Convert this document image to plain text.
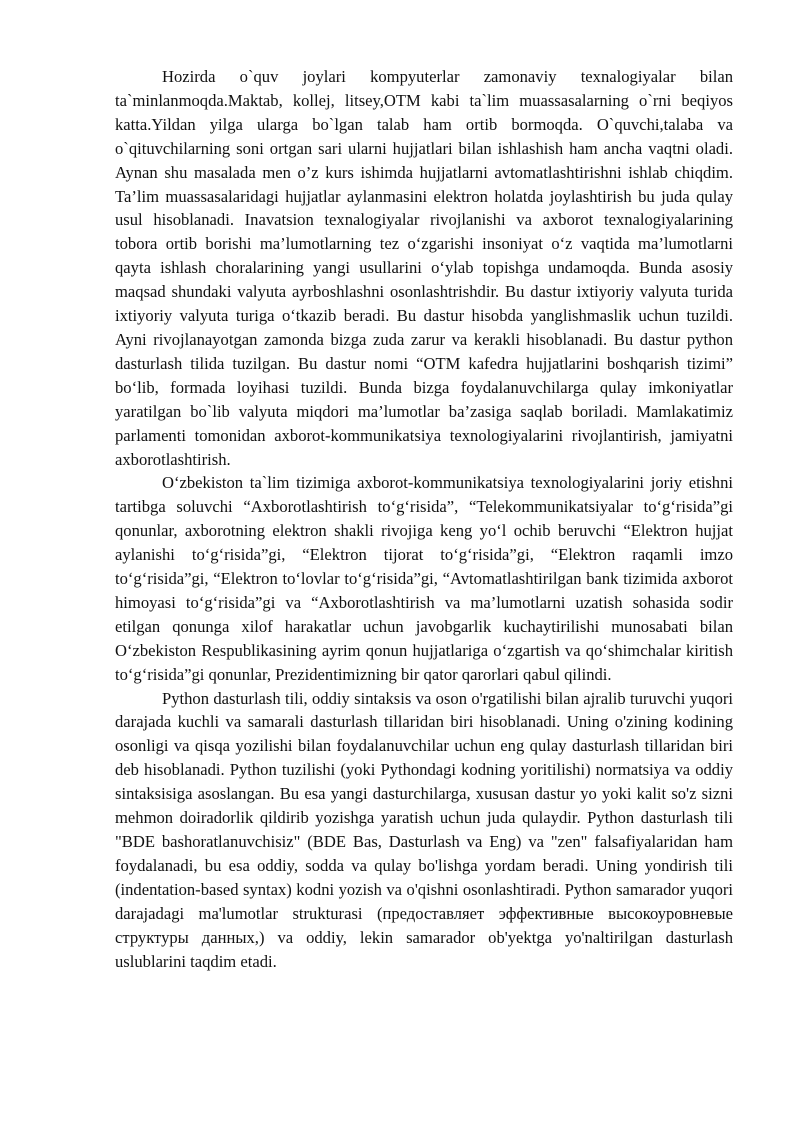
Hozirda o`quv joylari kompyuterlar zamonaviy texnalogiyalar bilan ta`minlanmoqda.Maktab, kollej, litsey,OTM kabi ta`lim muassasalarning o`rni beqiyos katta.Yildan yilga ularga bo`lgan talab ham ortib bormoqda. O`quvchi,talaba va o`qituvchilarning soni ortgan sari ularni hujjatlari bilan ishlashish ham ancha vaqtni oladi. Aynan shu masalada men o’z kurs ishimda hujjatlarni avtomatlashtirishni ishlab chiqdim. Ta’lim muassasalaridagi hujjatlar aylanmasini elektron holatda joylashtirish bu juda qulay usul hisoblanadi. Inavatsion texnalogiyalar rivojlanishi va axborot texnalogiyalarining tobora ortib borishi ma’lumotlarning tez o‘zgarishi insoniyat o‘z vaqtida ma’lumotlarni qayta ishlash choralarining yangi usullarini o‘ylab topishga undamoqda. Bunda asosiy maqsad shundaki valyuta ayrboshlashni osonlashtrishdir. Bu dastur ixtiyoriy valyuta turida ixtiyoriy valyuta turiga o‘tkazib beradi. Bu dastur hisobda yanglishmaslik uchun tuzildi. Ayni rivojlanayotgan zamonda bizga zuda zarur va kerakli hisoblanadi. Bu dastur python dasturlash tilida tuzilgan. Bu dastur nomi “OTM kafedra hujjatlarini boshqarish tizimi” bo‘lib, formada loyihasi tuzildi. Bunda bizga foydalanuvchilarga qulay imkoniyatlar yaratilgan bo`lib valyuta miqdori ma’lumotlar ba’zasiga saqlab boriladi. Mamlakatimiz parlamenti tomonidan axborot-kommunikatsiya texnologiyalarini rivojlantirish, jamiyatni axborotlashtirish.

O‘zbekiston ta`lim tizimiga axborot-kommunikatsiya texnologiyalarini joriy etishni tartibga soluvchi “Axborotlashtirish to‘g‘risida”, “Telekommunikatsiyalar to‘g‘risida”gi qonunlar, axborotning elektron shakli rivojiga keng yo‘l ochib beruvchi “Elektron hujjat aylanishi to‘g‘risida”gi, “Elektron tijorat to‘g‘risida”gi, “Elektron raqamli imzo to‘g‘risida”gi, “Elektron to‘lovlar to‘g‘risida”gi, “Avtomatlashtirilgan bank tizimida axborot himoyasi to‘g‘risida”gi va “Axborotlashtirish va ma’lumotlarni uzatish sohasida sodir etilgan qonunga xilof harakatlar uchun javobgarlik kuchaytirilishi munosabati bilan O‘zbekiston Respublikasining ayrim qonun hujjatlariga o‘zgartish va qo‘shimchalar kiritish to‘g‘risida”gi qonunlar, Prezidentimizning bir qator qarorlari qabul qilindi.

Python dasturlash tili, oddiy sintaksis va oson o'rgatilishi bilan ajralib turuvchi yuqori darajada kuchli va samarali dasturlash tillaridan biri hisoblanadi. Uning o'zining kodining osonligi va qisqa yozilishi bilan foydalanuvchilar uchun eng qulay dasturlash tillaridan biri deb hisoblanadi. Python tuzilishi (yoki Pythondagi kodning yoritilishi) normatsiya va oddiy sintaksisiga asoslangan. Bu esa yangi dasturchilarga, xususan dastur yo yoki kalit so'z sizni mehmon doiradorlik qildirib yozishga yaratish uchun juda qulaydir. Python dasturlash tili "BDE bashoratlanuvchisiz" (BDE Bas, Dasturlash va Eng) va "zen" falsafiyalaridan ham foydalanadi, bu esa oddiy, sodda va qulay bo'lishga yordam beradi. Uning yondirish tili (indentation-based syntax) kodni yozish va o'qishni osonlashtiradi. Python samarador yuqori darajadagi ma'lumotlar strukturasi (предоставляет эффективные высокоуровневые структуры данных,) va oddiy, lekin samarador ob'yektga yo'naltirilgan dasturlash uslublarini taqdim etadi.
